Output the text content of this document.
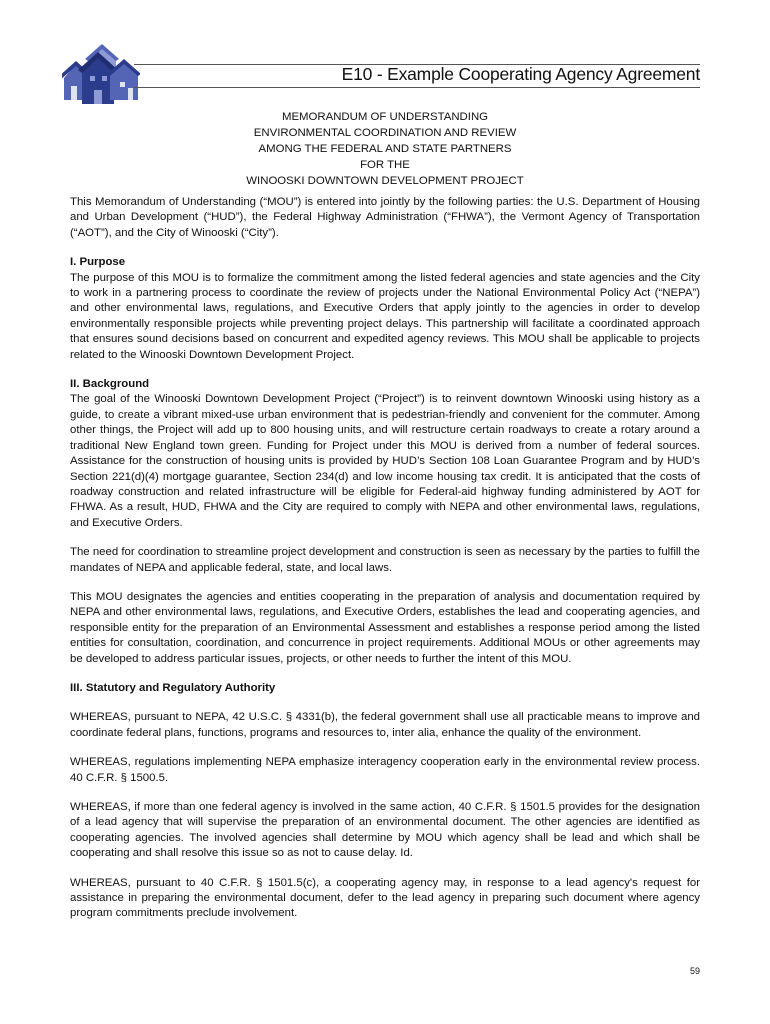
E10 - Example Cooperating Agency Agreement
MEMORANDUM OF UNDERSTANDING
ENVIRONMENTAL COORDINATION AND REVIEW
AMONG THE FEDERAL AND STATE PARTNERS
FOR THE
WINOOSKI DOWNTOWN DEVELOPMENT PROJECT

This Memorandum of Understanding (“MOU”) is entered into jointly by the following parties: the U.S. Department of Housing and Urban Development (“HUD”), the Federal Highway Administration (“FHWA”), the Vermont Agency of Transportation (“AOT”), and the City of Winooski (“City”).

I. Purpose
The purpose of this MOU is to formalize the commitment among the listed federal agencies and state agencies and the City to work in a partnering process to coordinate the review of projects under the National Environmental Policy Act (“NEPA”) and other environmental laws, regulations, and Executive Orders that apply jointly to the agencies in order to develop environmentally responsible projects while preventing project delays. This partnership will facilitate a coordinated approach that ensures sound decisions based on concurrent and expedited agency reviews. This MOU shall be applicable to projects related to the Winooski Downtown Development Project.

II. Background
The goal of the Winooski Downtown Development Project (“Project”) is to reinvent downtown Winooski using history as a guide, to create a vibrant mixed-use urban environment that is pedestrian-friendly and convenient for the commuter. Among other things, the Project will add up to 800 housing units, and will restructure certain roadways to create a rotary around a traditional New England town green. Funding for Project under this MOU is derived from a number of federal sources. Assistance for the construction of housing units is provided by HUD’s Section 108 Loan Guarantee Program and by HUD’s Section 221(d)(4) mortgage guarantee, Section 234(d) and low income housing tax credit. It is anticipated that the costs of roadway construction and related infrastructure will be eligible for Federal-aid highway funding administered by AOT for FHWA. As a result, HUD, FHWA and the City are required to comply with NEPA and other environmental laws, regulations, and Executive Orders.

The need for coordination to streamline project development and construction is seen as necessary by the parties to fulfill the mandates of NEPA and applicable federal, state, and local laws.

This MOU designates the agencies and entities cooperating in the preparation of analysis and documentation required by NEPA and other environmental laws, regulations, and Executive Orders, establishes the lead and cooperating agencies, and responsible entity for the preparation of an Environmental Assessment and establishes a response period among the listed entities for consultation, coordination, and concurrence in project requirements. Additional MOUs or other agreements may be developed to address particular issues, projects, or other needs to further the intent of this MOU.

III. Statutory and Regulatory Authority

WHEREAS, pursuant to NEPA, 42 U.S.C. § 4331(b), the federal government shall use all practicable means to improve and coordinate federal plans, functions, programs and resources to, inter alia, enhance the quality of the environment.

WHEREAS, regulations implementing NEPA emphasize interagency cooperation early in the environmental review process. 40 C.F.R. § 1500.5.

WHEREAS, if more than one federal agency is involved in the same action, 40 C.F.R. § 1501.5 provides for the designation of a lead agency that will supervise the preparation of an environmental document. The other agencies are identified as cooperating agencies. The involved agencies shall determine by MOU which agency shall be lead and which shall be cooperating and shall resolve this issue so as not to cause delay. Id.

WHEREAS, pursuant to 40 C.F.R. § 1501.5(c), a cooperating agency may, in response to a lead agency's request for assistance in preparing the environmental document, defer to the lead agency in preparing such document where agency program commitments preclude involvement.

59
